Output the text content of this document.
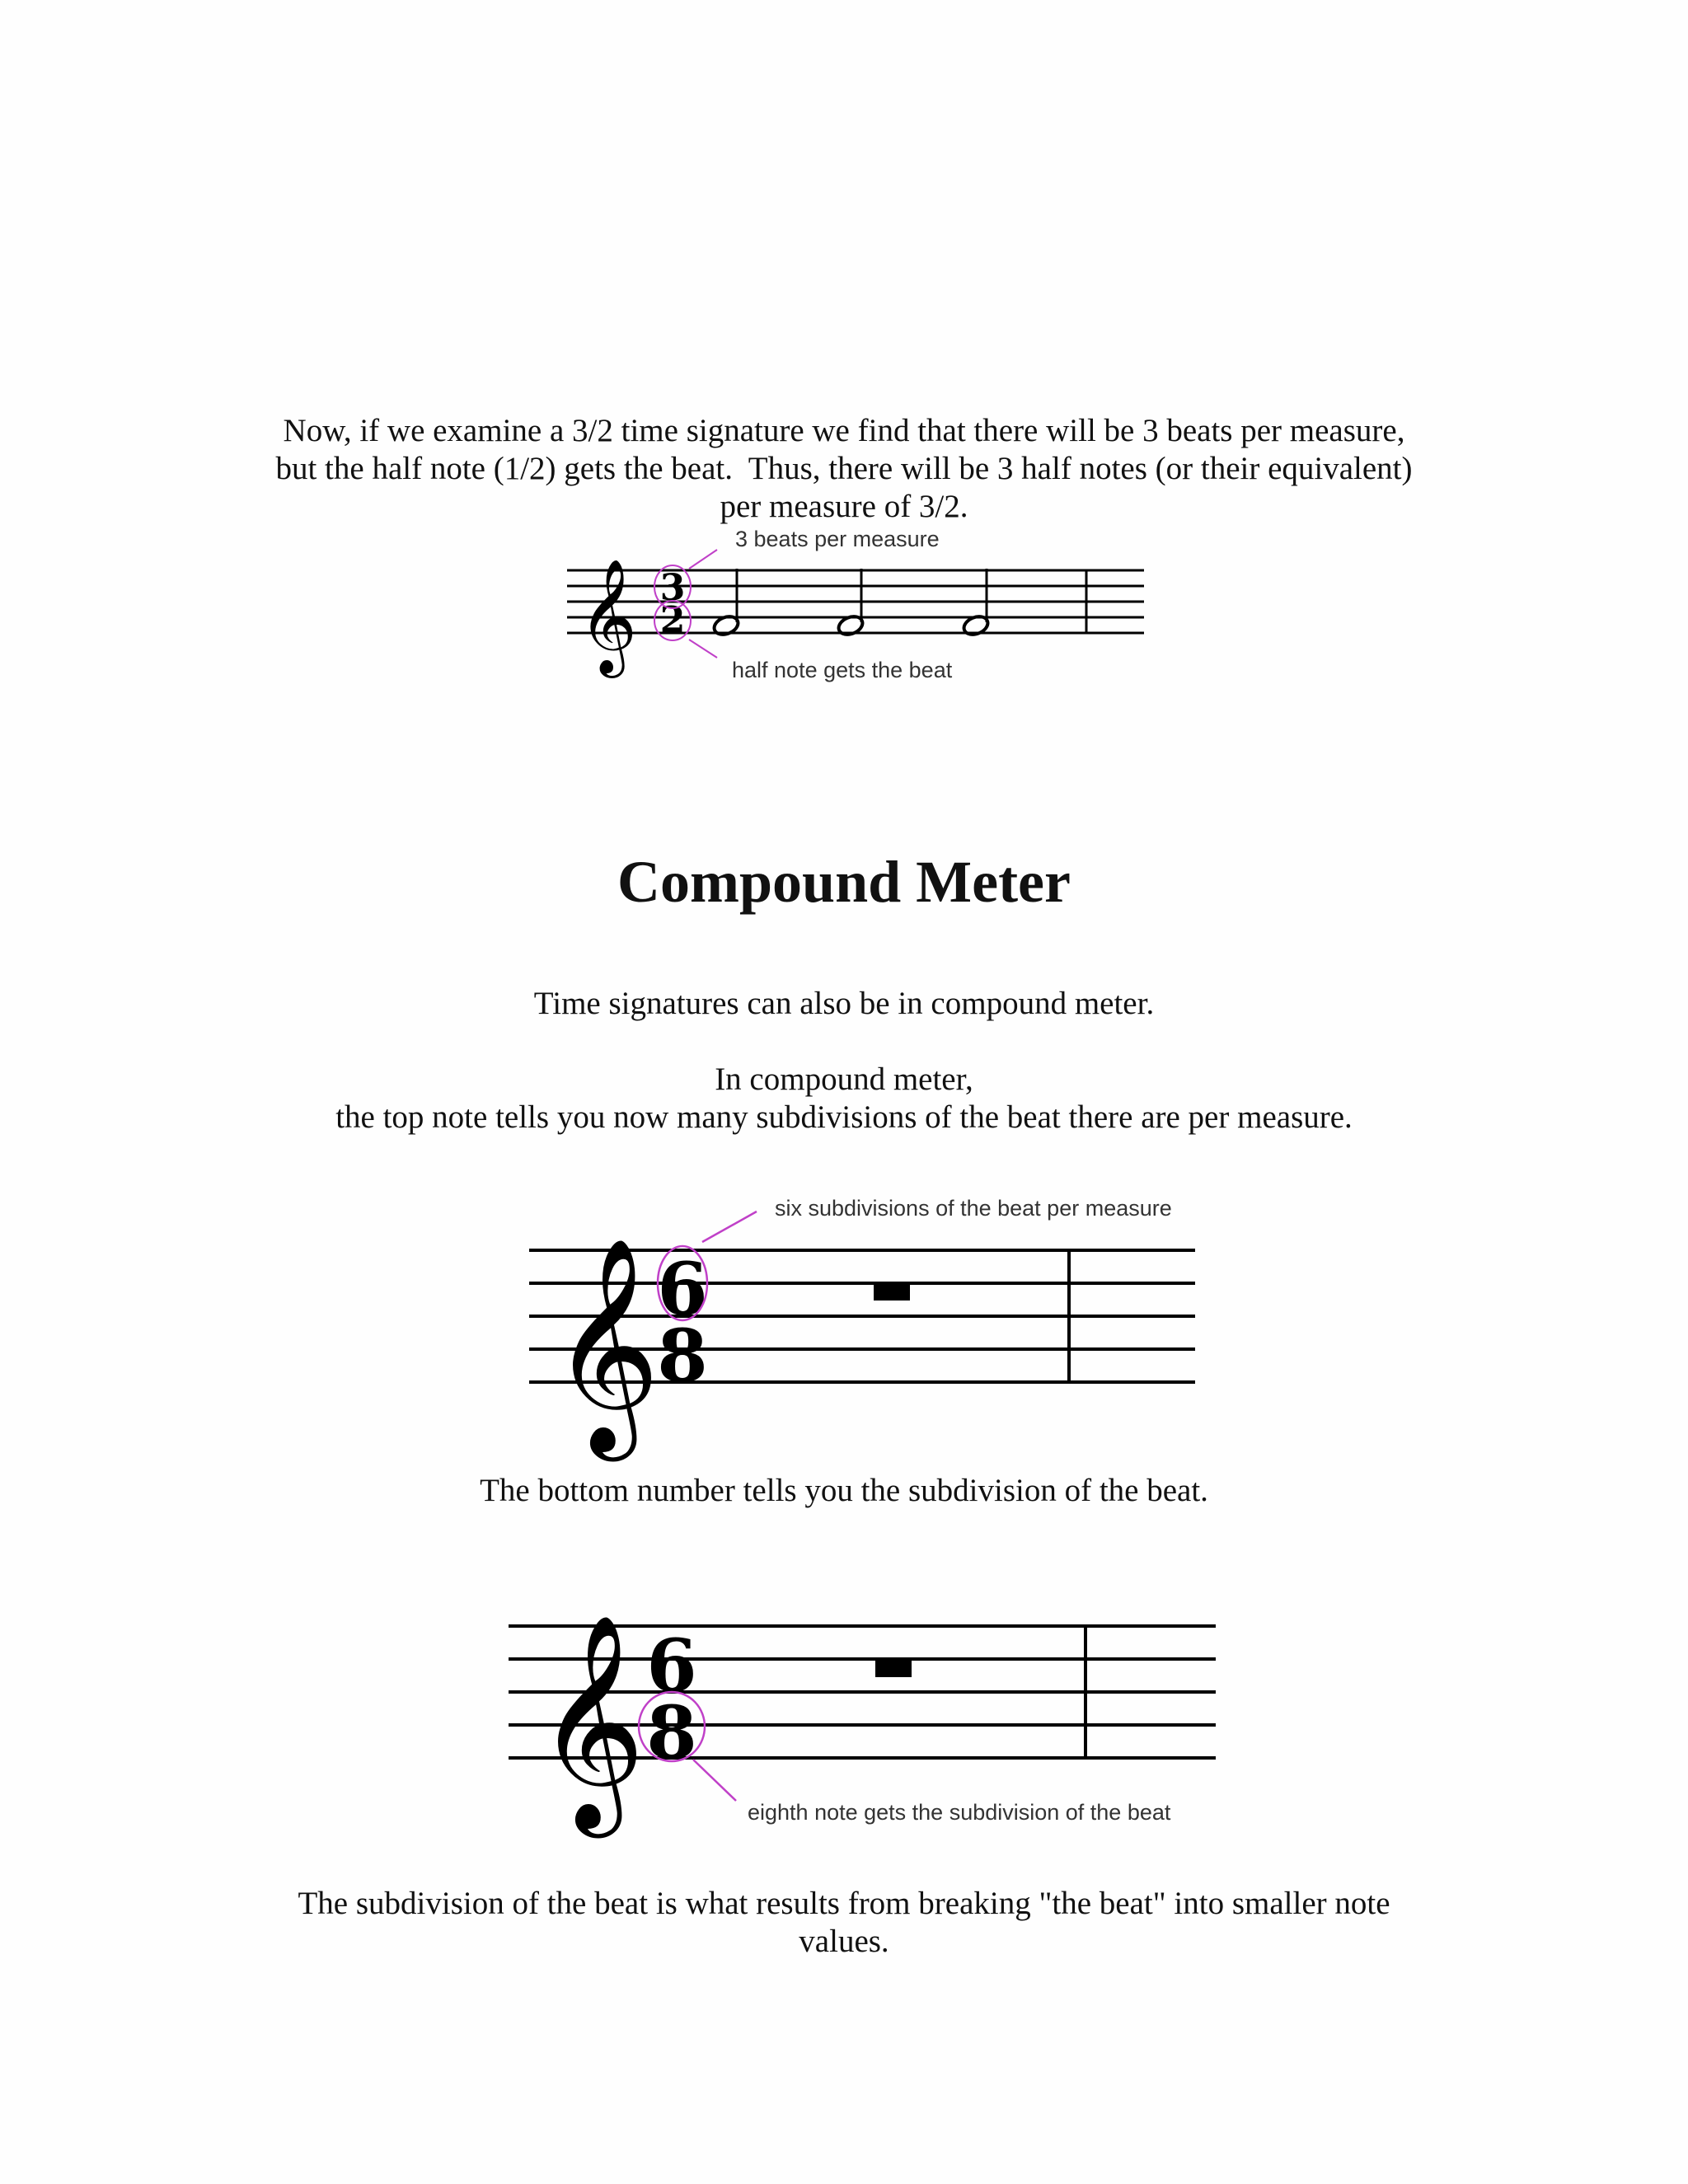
Now, if we examine a 3/2 time signature we find that there will be 3 beats per measure,
but the half note (1/2) gets the beat.  Thus, there will be 3 half notes (or their equivalent)
per measure of 3/2.
𝄞 3
2
3 beats per measure
half note gets the beat
Compound Meter
Time signatures can also be in compound meter.
In compound meter,
the top note tells you now many subdivisions of the beat there are per measure.
𝄞
6
8
six subdivisions of the beat per measure
The bottom number tells you the subdivision of the beat.
𝄞 6
8
eighth note gets the subdivision of the beat
The subdivision of the beat is what results from breaking "the beat" into smaller note
values.
